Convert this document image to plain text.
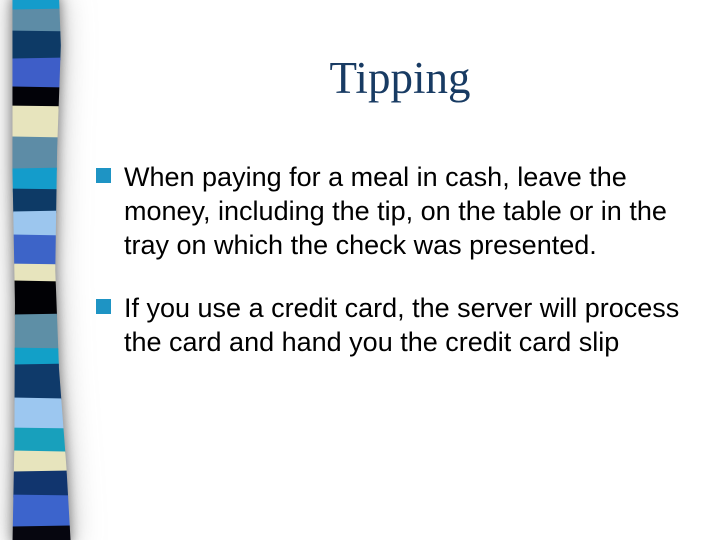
Tipping
When paying for a meal in cash, leave the money, including the tip, on the table or in the tray on which the check was presented.
If you use a credit card, the server will process the card and hand you the credit card slip
